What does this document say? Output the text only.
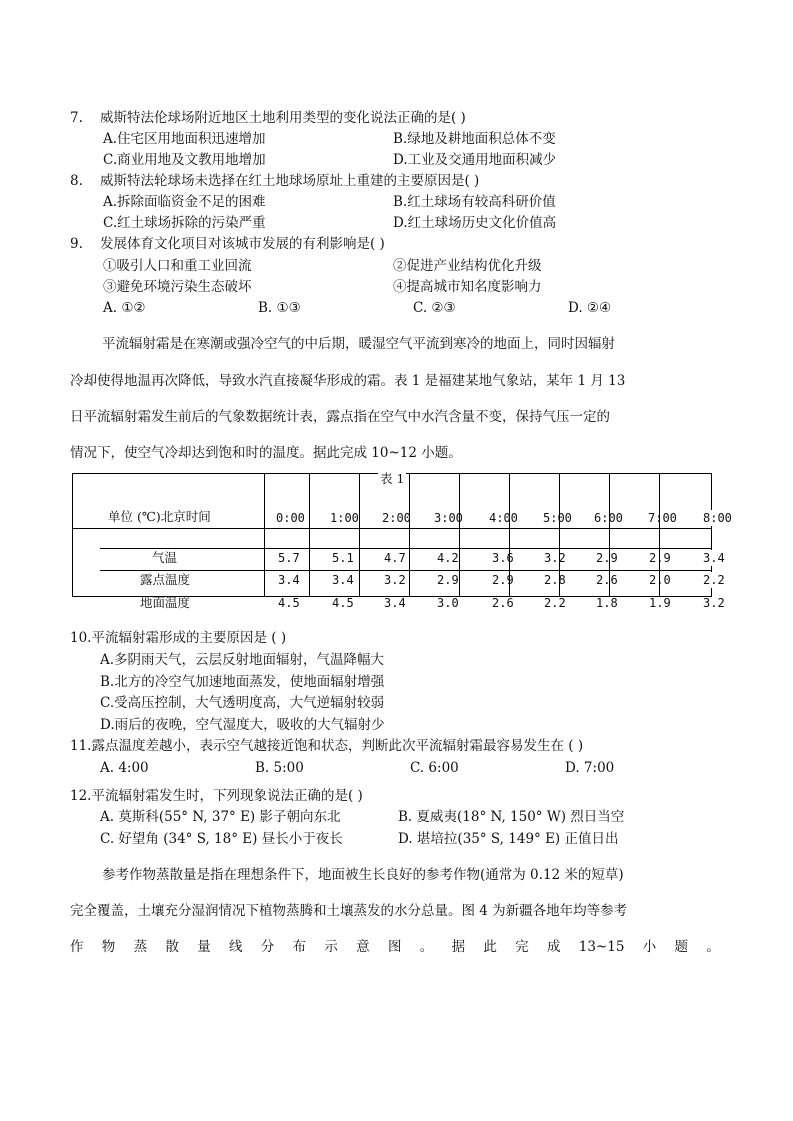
7. 威斯特法伦球场附近地区土地利用类型的变化说法正确的是( )
A.住宅区用地面积迅速增加	B.绿地及耕地面积总体不变
C.商业用地及文教用地增加	D.工业及交通用地面积减少
8. 威斯特法轮球场未选择在红土地球场原址上重建的主要原因是( )
A.拆除面临资金不足的困难	B.红土球场有较高科研价值
C.红土球场拆除的污染严重	D.红土球场历史文化价值高
9. 发展体育文化项目对该城市发展的有利影响是( )
①吸引人口和重工业回流	②促进产业结构优化升级
③避免环境污染生态破坏	④提高城市知名度影响力
A. ①②	B. ①③	C. ②③	D. ②④
平流辐射霜是在寒潮或强冷空气的中后期，暖湿空气平流到寒冷的地面上，同时因辐射
冷却使得地温再次降低，导致水汽直接凝华形成的霜。表 1 是福建某地气象站，某年 1 月 13
日平流辐射霜发生前后的气象数据统计表，露点指在空气中水汽含量不变，保持气压一定的
情况下，使空气冷却达到饱和时的温度。据此完成 10~12 小题。
表 1
单位 (℃)北京时间	0:00 1:00 2:00 3:00 4:00 5:00 6:00 7:00 8:00
气温	5.7	5.1	4.7	4.2	3.6	3.2	2.9	2.9	3.4
露点温度	3.4	3.4	3.2	2.9	2.9	2.8	2.6	2.0	2.2
地面温度	4.5	4.5	3.4	3.0	2.6	2.2	1.8	1.9	3.2
10.平流辐射霜形成的主要原因是 ( )
A.多阴雨天气，云层反射地面辐射，气温降幅大
B.北方的冷空气加速地面蒸发，使地面辐射增强
C.受高压控制，大气透明度高，大气逆辐射较弱
D.雨后的夜晚，空气湿度大，吸收的大气辐射少
11.露点温度差越小，表示空气越接近饱和状态，判断此次平流辐射霜最容易发生在 ( )
A. 4:00	B. 5:00	C. 6:00	D. 7:00
12.平流辐射霜发生时，下列现象说法正确的是( )
A. 莫斯科(55° N, 37° E) 影子朝向东北	B. 夏威夷(18° N, 150° W) 烈日当空
C. 好望角 (34° S, 18° E) 昼长小于夜长	D. 堪培拉(35° S, 149° E) 正值日出
参考作物蒸散量是指在理想条件下，地面被生长良好的参考作物(通常为 0.12 米的短草)
完全覆盖，土壤充分湿润情况下植物蒸腾和土壤蒸发的水分总量。图 4 为新疆各地年均等参考
作 物 蒸 散 量 线 分 布 示 意 图 。 据 此 完 成 13~15 小 题 。
